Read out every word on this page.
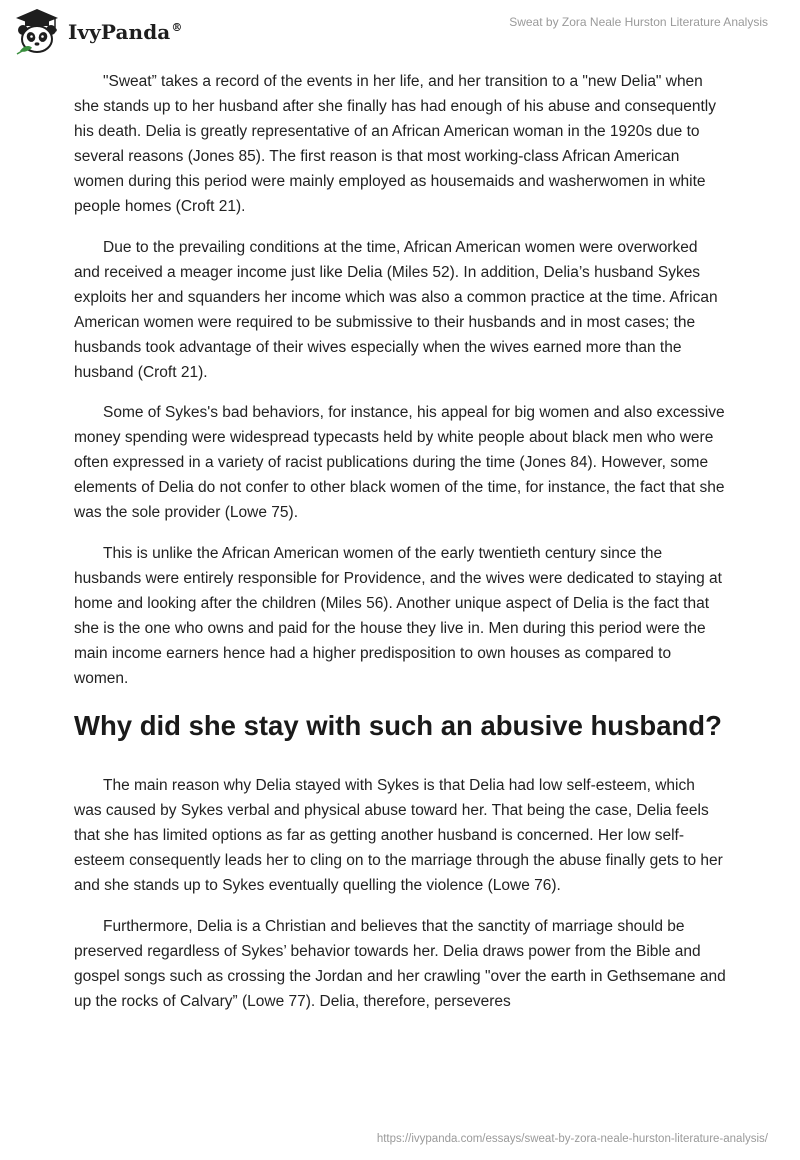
IvyPanda®	Sweat by Zora Neale Hurston Literature Analysis

"Sweat” takes a record of the events in her life, and her transition to a "new Delia" when she stands up to her husband after she finally has had enough of his abuse and consequently his death. Delia is greatly representative of an African American woman in the 1920s due to several reasons (Jones 85). The first reason is that most working-class African American women during this period were mainly employed as housemaids and washerwomen in white people homes (Croft 21).

Due to the prevailing conditions at the time, African American women were overworked and received a meager income just like Delia (Miles 52). In addition, Delia’s husband Sykes exploits her and squanders her income which was also a common practice at the time. African American women were required to be submissive to their husbands and in most cases; the husbands took advantage of their wives especially when the wives earned more than the husband (Croft 21).

Some of Sykes's bad behaviors, for instance, his appeal for big women and also excessive money spending were widespread typecasts held by white people about black men who were often expressed in a variety of racist publications during the time (Jones 84). However, some elements of Delia do not confer to other black women of the time, for instance, the fact that she was the sole provider (Lowe 75).

This is unlike the African American women of the early twentieth century since the husbands were entirely responsible for Providence, and the wives were dedicated to staying at home and looking after the children (Miles 56). Another unique aspect of Delia is the fact that she is the one who owns and paid for the house they live in. Men during this period were the main income earners hence had a higher predisposition to own houses as compared to women.

Why did she stay with such an abusive husband?

The main reason why Delia stayed with Sykes is that Delia had low self-esteem, which was caused by Sykes verbal and physical abuse toward her. That being the case, Delia feels that she has limited options as far as getting another husband is concerned. Her low self-esteem consequently leads her to cling on to the marriage through the abuse finally gets to her and she stands up to Sykes eventually quelling the violence (Lowe 76).

Furthermore, Delia is a Christian and believes that the sanctity of marriage should be preserved regardless of Sykes’ behavior towards her. Delia draws power from the Bible and gospel songs such as crossing the Jordan and her crawling "over the earth in Gethsemane and up the rocks of Calvary” (Lowe 77). Delia, therefore, perseveres

https://ivypanda.com/essays/sweat-by-zora-neale-hurston-literature-analysis/
